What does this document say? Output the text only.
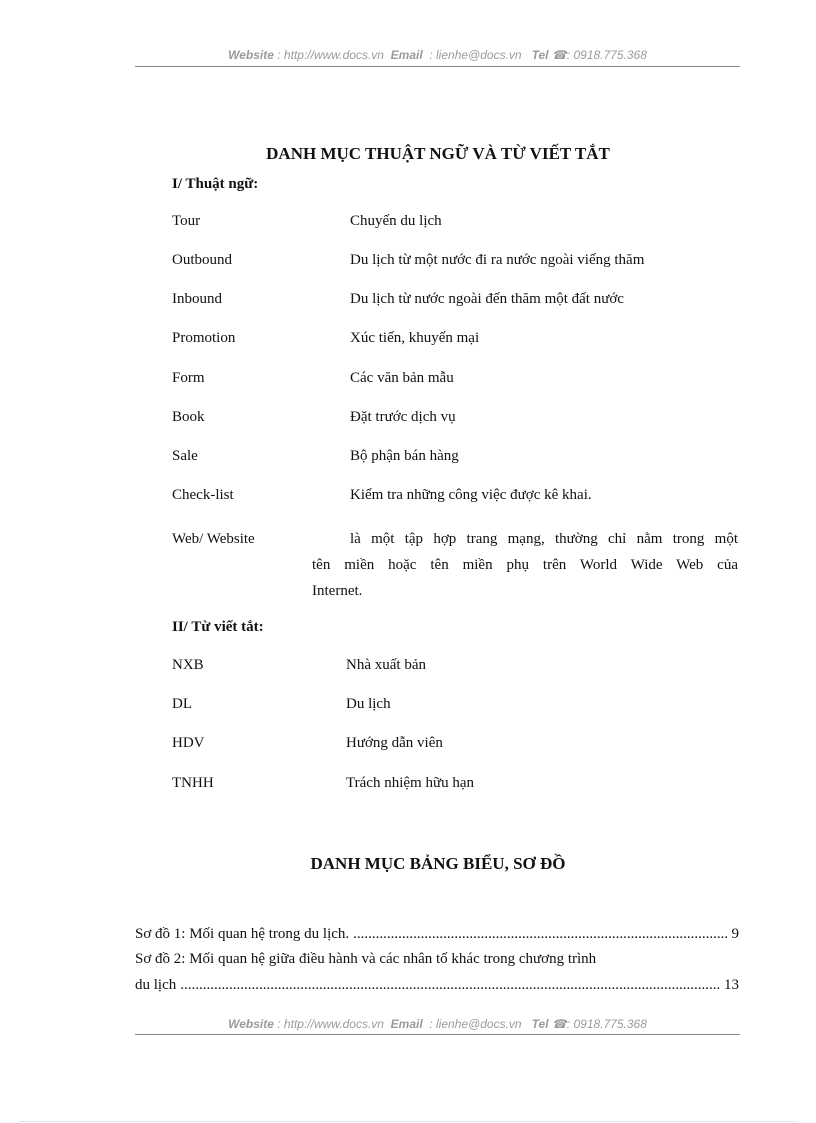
Website : http://www.docs.vn Email : lienhe@docs.vn Tel ☎: 0918.775.368
DANH MỤC THUẬT NGỮ VÀ TỪ VIẾT TẮT
I/ Thuật ngữ:
Tour	Chuyến du lịch
Outbound	Du lịch từ một nước đi ra nước ngoài viếng thăm
Inbound	Du lịch từ nước ngoài đến thăm một đất nước
Promotion	Xúc tiến, khuyến mại
Form	Các văn bản mẫu
Book	Đặt trước dịch vụ
Sale	Bộ phận bán hàng
Check-list	Kiểm tra những công việc được kê khai.
Web/ Website	là một tập hợp trang mạng, thường chỉ nằm trong một
tên miền hoặc tên miền phụ trên World Wide Web của
Internet.
II/ Từ viết tắt:
NXB	Nhà xuất bản
DL	Du lịch
HDV	Hướng dẫn viên
TNHH	Trách nhiệm hữu hạn
DANH MỤC BẢNG BIỂU, SƠ ĐỒ
Sơ đồ 1: Mối quan hệ trong du lịch. .....	9
Sơ đồ 2: Mối quan hệ giữa điều hành và các nhân tố khác trong chương trình
du lịch .....	13
Website : http://www.docs.vn Email : lienhe@docs.vn Tel ☎: 0918.775.368
